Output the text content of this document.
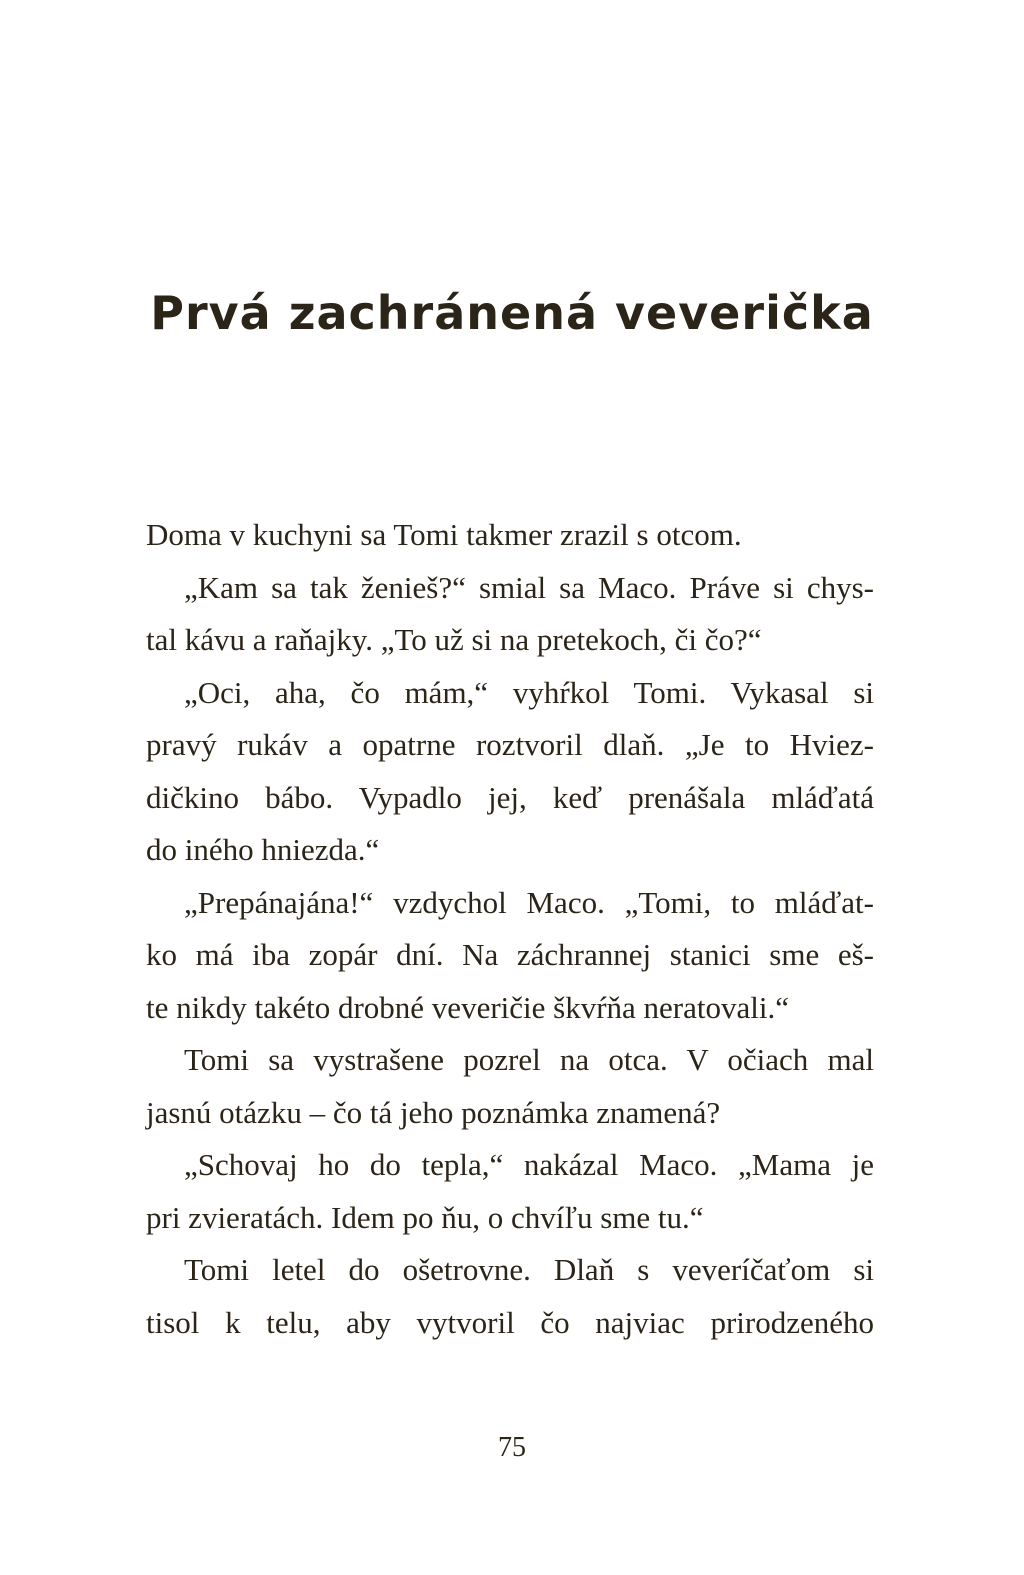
Prvá zachránená veverička
Doma v kuchyni sa Tomi takmer zrazil s otcom.
„Kam sa tak ženieš?“ smial sa Maco. Práve si chys-
tal kávu a raňajky. „To už si na pretekoch, či čo?“
„Oci, aha, čo mám,“ vyhŕkol Tomi. Vykasal si
pravý rukáv a opatrne roztvoril dlaň. „Je to Hviez-
dičkino bábo. Vypadlo jej, keď prenášala mláďatá
do iného hniezda.“
„Prepánajána!“ vzdychol Maco. „Tomi, to mláďat-
ko má iba zopár dní. Na záchrannej stanici sme eš-
te nikdy takéto drobné veveričie škvŕňa neratovali.“
Tomi sa vystrašene pozrel na otca. V očiach mal
jasnú otázku – čo tá jeho poznámka znamená?
„Schovaj ho do tepla,“ nakázal Maco. „Mama je
pri zvieratách. Idem po ňu, o chvíľu sme tu.“
Tomi letel do ošetrovne. Dlaň s veveríčaťom si
tisol k telu, aby vytvoril čo najviac prirodzeného
75
